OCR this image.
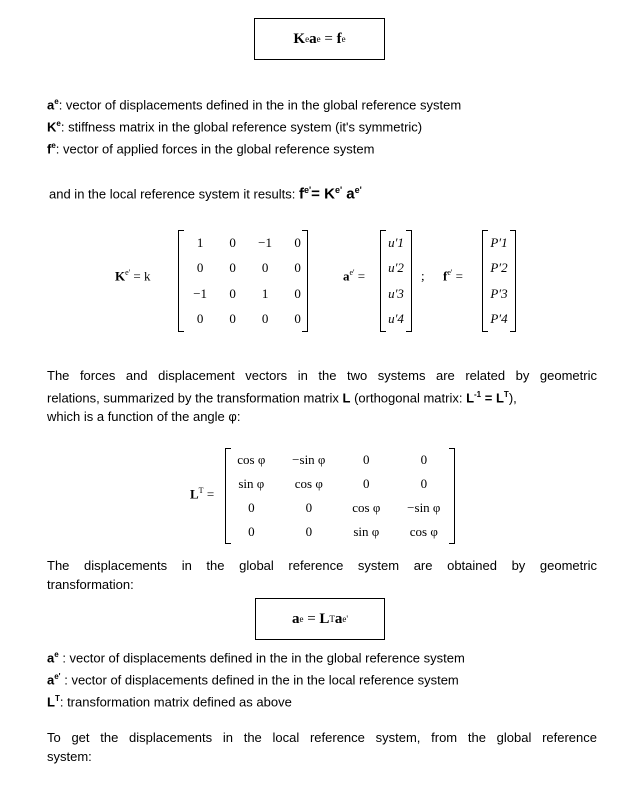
K e a e = f e
$a^e$: vector of displacements defined in the in the global reference system
$K^e$: stiffness matrix in the global reference system (it's symmetric)
$f^e$: vector of applied forces in the global reference system
and in the local reference system it results: $f^{e'}= K^{e'}$ $a^{e'}$
$K^{e'} = k$
1	0	−1	0
0	0	0	0
−1	0	1	0
0	0	0	0
$a^{e'}$ =
u′1
u′2
u′3
u′4
; $f^{e'}$ =
P′1
P′2
P′3
P′4
The forces and displacement vectors in the two systems are related by geometric
relations, summarized by the transformation matrix L (orthogonal matrix: $L^{-1} = L^T$),
which is a function of the angle φ:
$L^T$ =
cos φ	−sin φ	0	0
sin φ	cos φ	0	0
0	0	cos φ	−sin φ
0	0	sin φ	cos φ
The displacements in the global reference system are obtained by geometric
transformation:
a e = L T a e'
$a^e$ : vector of displacements defined in the in the global reference system
$a^{e'}$ : vector of displacements defined in the in the local reference system
$L^T$: transformation matrix defined as above
To get the displacements in the local reference system, from the global reference
system:
